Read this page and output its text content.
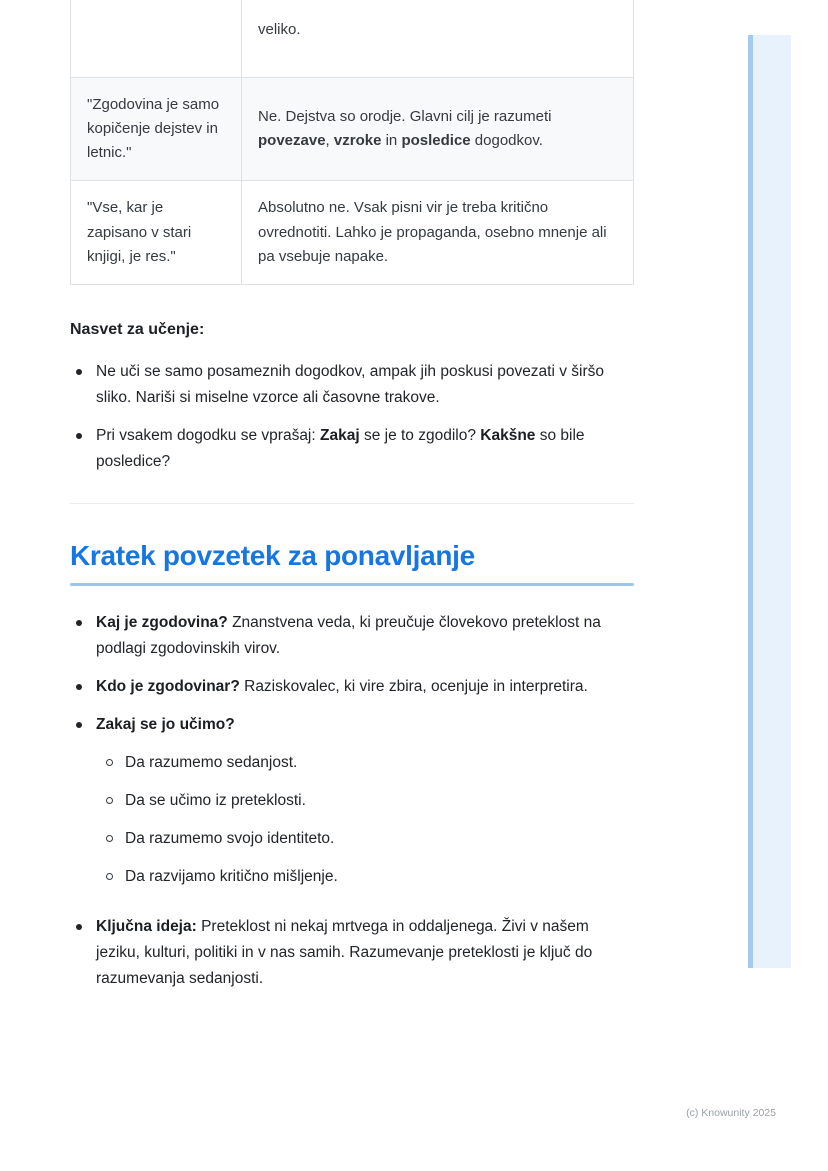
	veliko.
"Zgodovina je samo kopičenje dejstev in letnic."	Ne. Dejstva so orodje. Glavni cilj je razumeti povezave, vzroke in posledice dogodkov.
"Vse, kar je zapisano v stari knjigi, je res."	Absolutno ne. Vsak pisni vir je treba kritično ovrednotiti. Lahko je propaganda, osebno mnenje ali pa vsebuje napake.
Nasvet za učenje:
Ne uči se samo posameznih dogodkov, ampak jih poskusi povezati v širšo sliko. Nariši si miselne vzorce ali časovne trakove.
Pri vsakem dogodku se vprašaj: Zakaj se je to zgodilo? Kakšne so bile posledice?
Kratek povzetek za ponavljanje
Kaj je zgodovina? Znanstvena veda, ki preučuje človekovo preteklost na podlagi zgodovinskih virov.
Kdo je zgodovinar? Raziskovalec, ki vire zbira, ocenjuje in interpretira.
Zakaj se jo učimo?
Da razumemo sedanjost.
Da se učimo iz preteklosti.
Da razumemo svojo identiteto.
Da razvijamo kritično mišljenje.
Ključna ideja: Preteklost ni nekaj mrtvega in oddaljenega. Živi v našem jeziku, kulturi, politiki in v nas samih. Razumevanje preteklosti je ključ do razumevanja sedanjosti.
(c) Knowunity 2025
